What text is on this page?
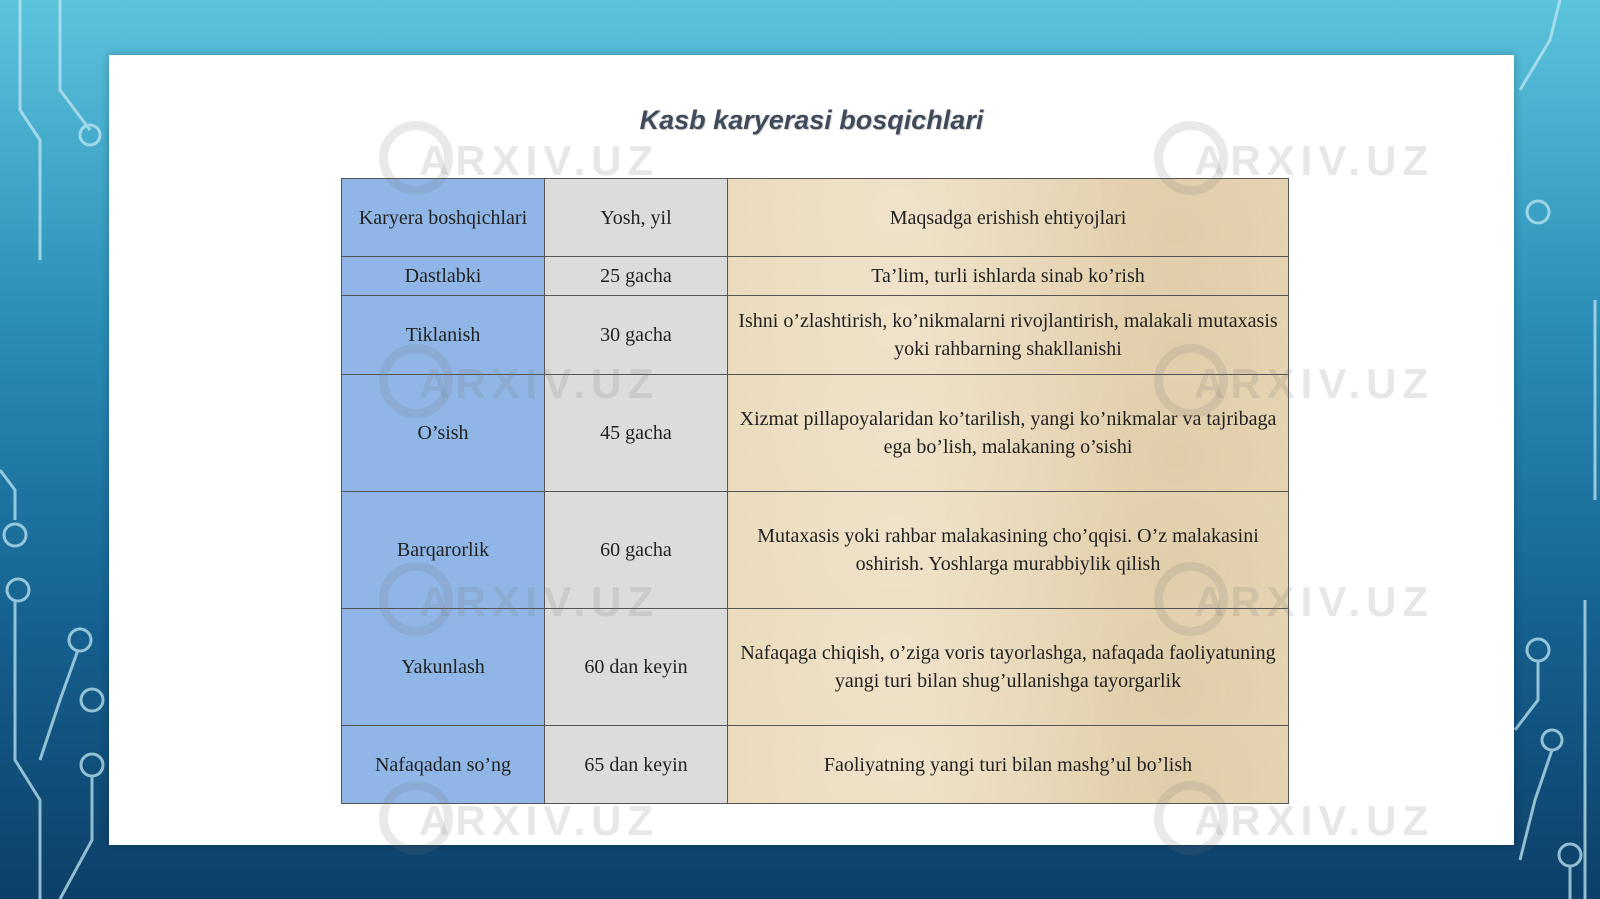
Kasb karyerasi bosqichlari
Karyera boshqichlari	Yosh, yil	Maqsadga erishish ehtiyojlari
Dastlabki	25 gacha	Ta’lim, turli ishlarda sinab ko’rish
Tiklanish	30 gacha	Ishni o’zlashtirish, ko’nikmalarni rivojlantirish, malakali mutaxasis yoki rahbarning shakllanishi
O’sish	45 gacha	Xizmat pillapoyalaridan ko’tarilish, yangi ko’nikmalar va tajribaga ega bo’lish, malakaning o’sishi
Barqarorlik	60 gacha	Mutaxasis yoki rahbar malakasining cho’qqisi. O’z malakasini oshirish. Yoshlarga murabbiylik qilish
Yakunlash	60 dan keyin	Nafaqaga chiqish, o’ziga voris tayorlashga, nafaqada faoliyatuning yangi turi bilan shug’ullanishga tayorgarlik
Nafaqadan so’ng	65 dan keyin	Faoliyatning yangi turi bilan mashg’ul bo’lish
ARXIV.UZ	ARXIV.UZ
ARXIV.UZ
ARXIV.UZ
ARXIV.UZ	ARXIV.UZ
